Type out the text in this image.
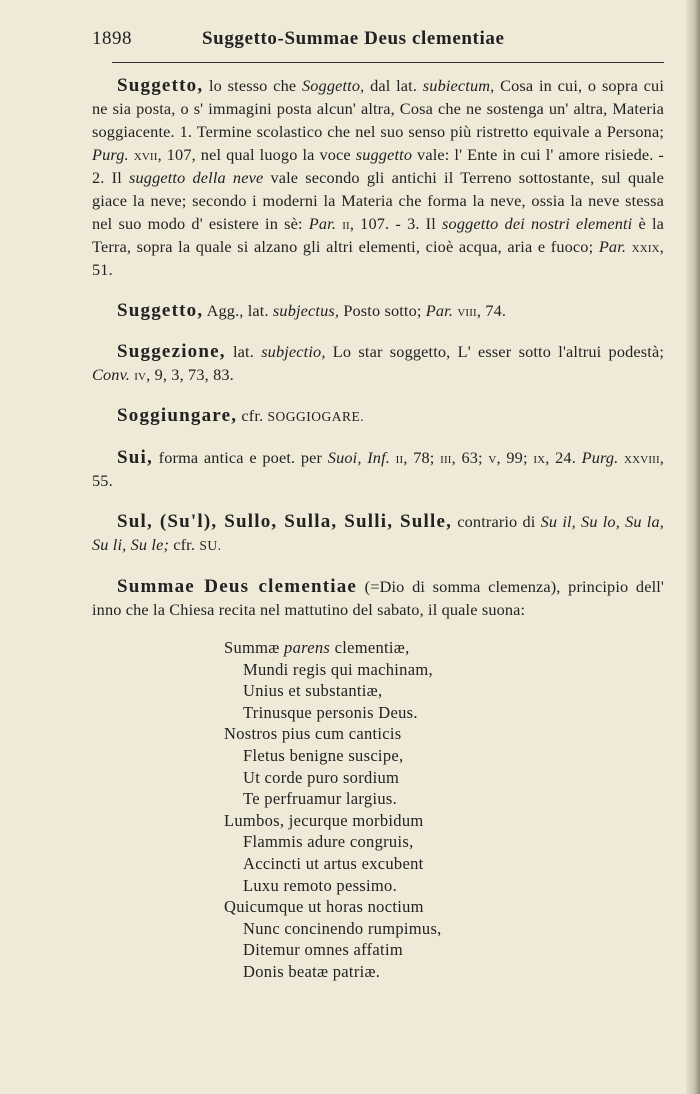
1898	Suggetto-Summae Deus clementiae

Suggetto, lo stesso che Soggetto, dal lat. subiectum, Cosa in cui, o sopra cui ne sia posta, o s' immagini posta alcun' altra, Cosa che ne sostenga un' altra, Materia soggiacente. 1. Termine scolastico che nel suo senso più ristretto equivale a Persona; Purg. xvii, 107, nel qual luogo la voce suggetto vale: l' Ente in cui l' amore risiede. - 2. Il suggetto della neve vale secondo gli antichi il Terreno sottostante, sul quale giace la neve; secondo i moderni la Materia che forma la neve, ossia la neve stessa nel suo modo d' esistere in sè: Par. ii, 107. - 3. Il soggetto dei nostri elementi è la Terra, sopra la quale si alzano gli altri elementi, cioè acqua, aria e fuoco; Par. xxix, 51.

Suggetto, Agg., lat. subjectus, Posto sotto; Par. viii, 74.

Suggezione, lat. subjectio, Lo star soggetto, L' esser sotto l'altrui podestà; Conv. iv, 9, 3, 73, 83.

Soggiungare, cfr. SOGGIOGARE.

Sui, forma antica e poet. per Suoi, Inf. ii, 78; iii, 63; v, 99; ix, 24. Purg. xxviii, 55.

Sul, (Su'l), Sullo, Sulla, Sulli, Sulle, contrario di Su il, Su lo, Su la, Su li, Su le; cfr. SU.

Summae Deus clementiae (=Dio di somma clemenza), principio dell' inno che la Chiesa recita nel mattutino del sabato, il quale suona:

Summæ parens clementiæ,
Mundi regis qui machinam,
Unius et substantiæ,
Trinusque personis Deus.
Nostros pius cum canticis
Fletus benigne suscipe,
Ut corde puro sordium
Te perfruamur largius.
Lumbos, jecurque morbidum
Flammis adure congruis,
Accincti ut artus excubent
Luxu remoto pessimo.
Quicumque ut horas noctium
Nunc concinendo rumpimus,
Ditemur omnes affatim
Donis beatæ patriæ.
